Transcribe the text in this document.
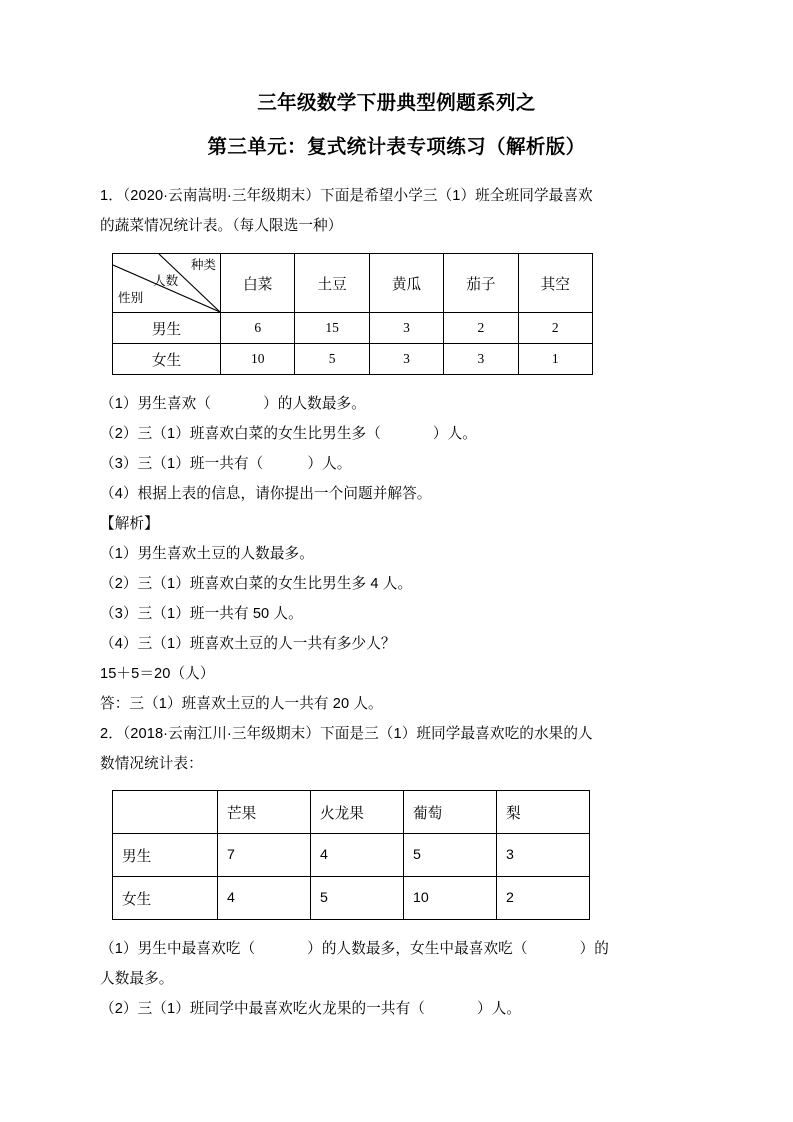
三年级数学下册典型例题系列之
第三单元：复式统计表专项练习（解析版）
1．（2020·云南嵩明·三年级期末）下面是希望小学三（1）班全班同学最喜欢
的蔬菜情况统计表。（每人限选一种）
种类
人数
性别	白菜	土豆	黄瓜	茄子	其空
男生	6	15	3	2	2
女生	10	5	3	3	1
（1）男生喜欢（	）的人数最多。
（2）三（1）班喜欢白菜的女生比男生多（	）人。
（3）三（1）班一共有（	）人。
（4）根据上表的信息，请你提出一个问题并解答。
【解析】
（1）男生喜欢土豆的人数最多。
（2）三（1）班喜欢白菜的女生比男生多 4 人。
（3）三（1）班一共有 50 人。
（4）三（1）班喜欢土豆的人一共有多少人？
15＋5＝20（人）
答：三（1）班喜欢土豆的人一共有 20 人。
2．（2018·云南江川·三年级期末）下面是三（1）班同学最喜欢吃的水果的人
数情况统计表：
	芒果	火龙果	葡萄	梨
男生	7	4	5	3
女生	4	5	10	2
（1）男生中最喜欢吃（	）的人数最多，女生中最喜欢吃（	）的
人数最多。
（2）三（1）班同学中最喜欢吃火龙果的一共有（	）人。
